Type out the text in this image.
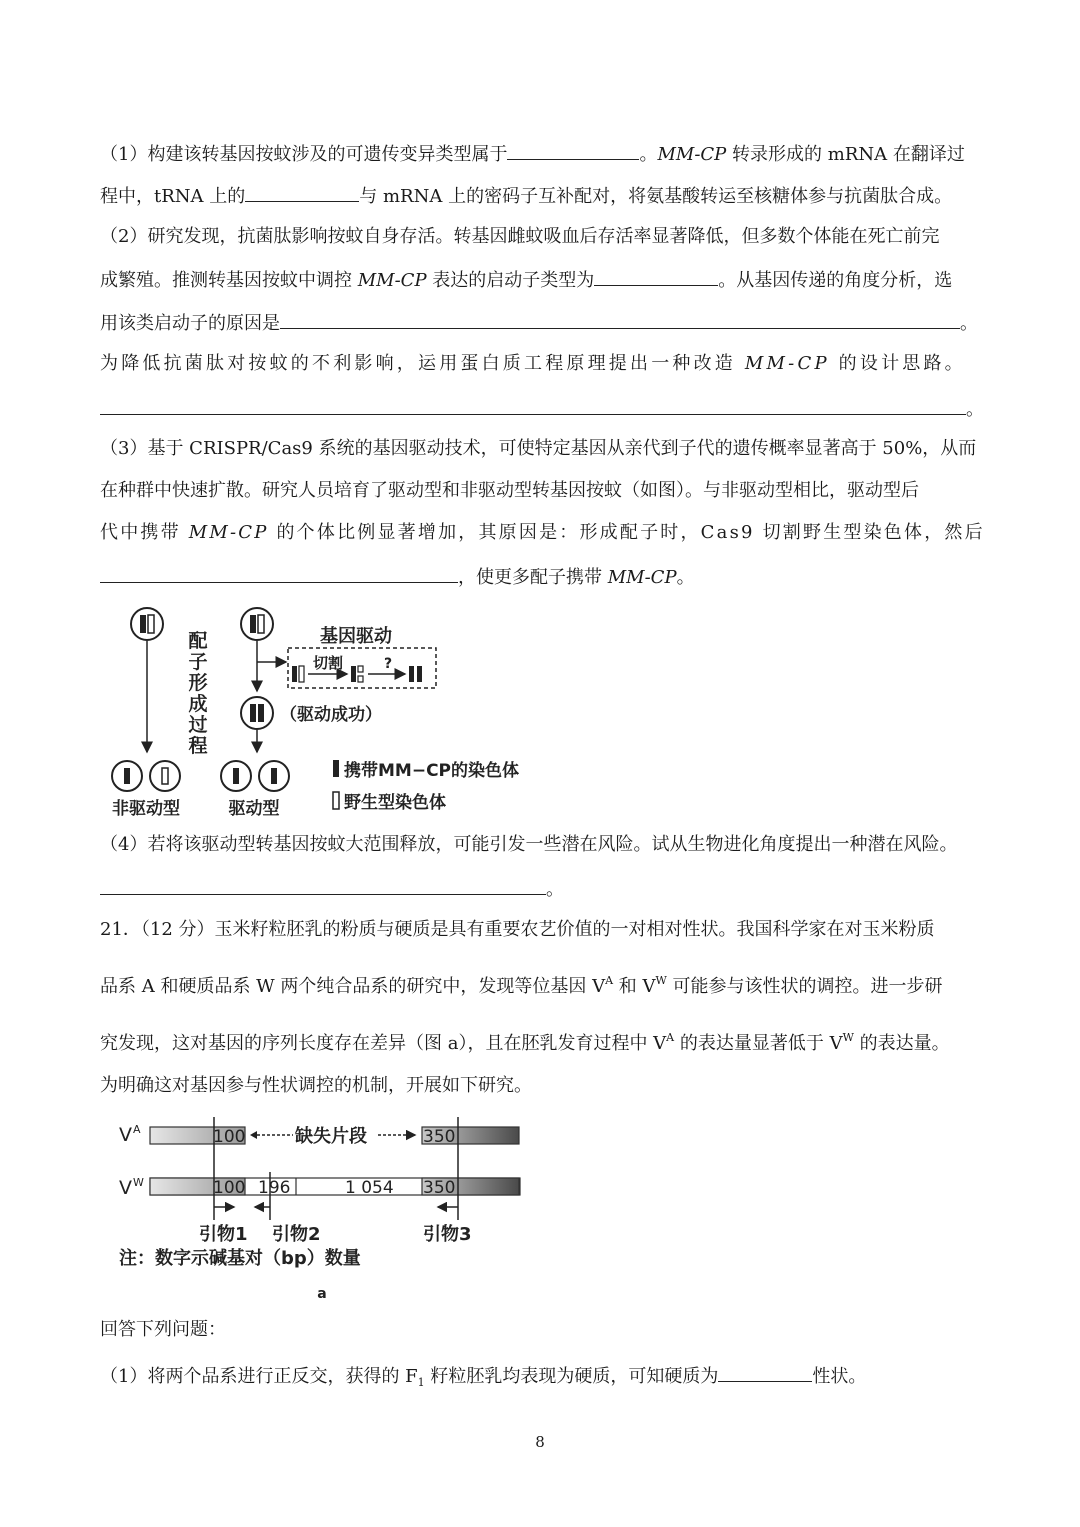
（1）构建该转基因按蚊涉及的可遗传变异类型属于	。MM-CP 转录形成的 mRNA 在翻译过
程中，tRNA 上的	与 mRNA 上的密码子互补配对，将氨基酸转运至核糖体参与抗菌肽合成。
（2）研究发现，抗菌肽影响按蚊自身存活。转基因雌蚊吸血后存活率显著降低，但多数个体能在死亡前完
成繁殖。推测转基因按蚊中调控 MM-CP 表达的启动子类型为	。从基因传递的角度分析，选
用该类启动子的原因是	。
为降低抗菌肽对按蚊的不利影响，运用蛋白质工程原理提出一种改造 MM-CP 的设计思路。
。
（3）基于 CRISPR/Cas9 系统的基因驱动技术，可使特定基因从亲代到子代的遗传概率显著高于 50%，从而
在种群中快速扩散。研究人员培育了驱动型和非驱动型转基因按蚊（如图）。与非驱动型相比，驱动型后
代中携带 MM-CP 的个体比例显著增加，其原因是：形成配子时，Cas9 切割野生型染色体，然后
，使更多配子携带 MM-CP。
配
子
形
成
过
程
基因驱动
切割	?
（驱动成功）
非驱动型	驱动型
携带MM−CP的染色体
野生型染色体
（4）若将该驱动型转基因按蚊大范围释放，可能引发一些潜在风险。试从生物进化角度提出一种潜在风险。
。
21．（12 分）玉米籽粒胚乳的粉质与硬质是具有重要农艺价值的一对相对性状。我国科学家在对玉米粉质
品系 A 和硬质品系 W 两个纯合品系的研究中，发现等位基因 $V^A$ 和 $V^W$ 可能参与该性状的调控。进一步研
究发现，这对基因的序列长度存在差异（图 a），且在胚乳发育过程中 $V^A$ 的表达量显著低于 $V^W$ 的表达量。
为明确这对基因参与性状调控的机制，开展如下研究。
V A	100	缺失片段	350
V W	100 196	1 054 350
引物1 引物2	引物3
注：数字示碱基对（bp）数量
a
回答下列问题：
（1）将两个品系进行正反交，获得的 $F_1$ 籽粒胚乳均表现为硬质，可知硬质为	性状。
8
